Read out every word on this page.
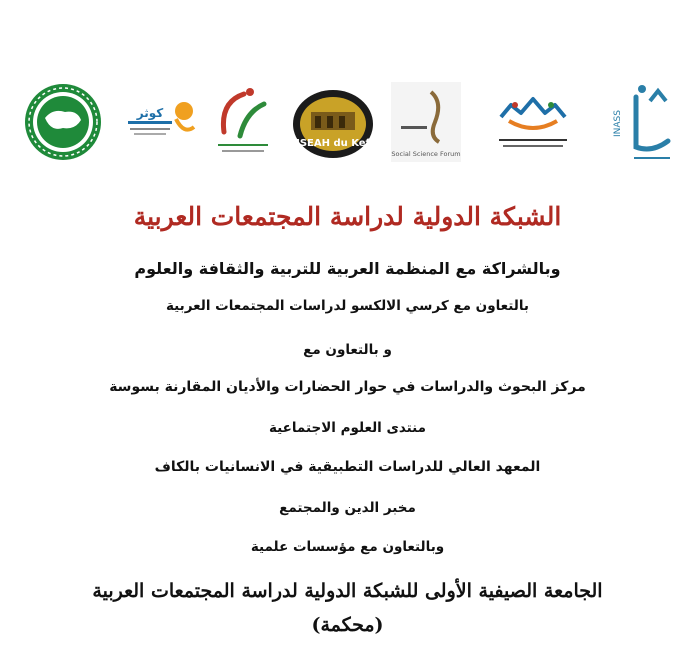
كوثر
ISEAH du Kef
Social Science Forum
INASS
الشبكة الدولية لدراسة المجتمعات العربية
وبالشراكة مع المنظمة العربية للتربية والثقافة والعلوم
بالتعاون مع كرسي الالكسو لدراسات المجتمعات العربية
و بالتعاون مع
مركز البحوث والدراسات في حوار الحضارات والأديان المقارنة بسوسة
منتدى العلوم الاجتماعية
المعهد العالي للدراسات التطبيقية في الانسانيات بالكاف
مخبر الدين والمجتمع
وبالتعاون مع مؤسسات علمية
الجامعة الصيفية الأولى للشبكة الدولية لدراسة المجتمعات العربية
(محكمة)
